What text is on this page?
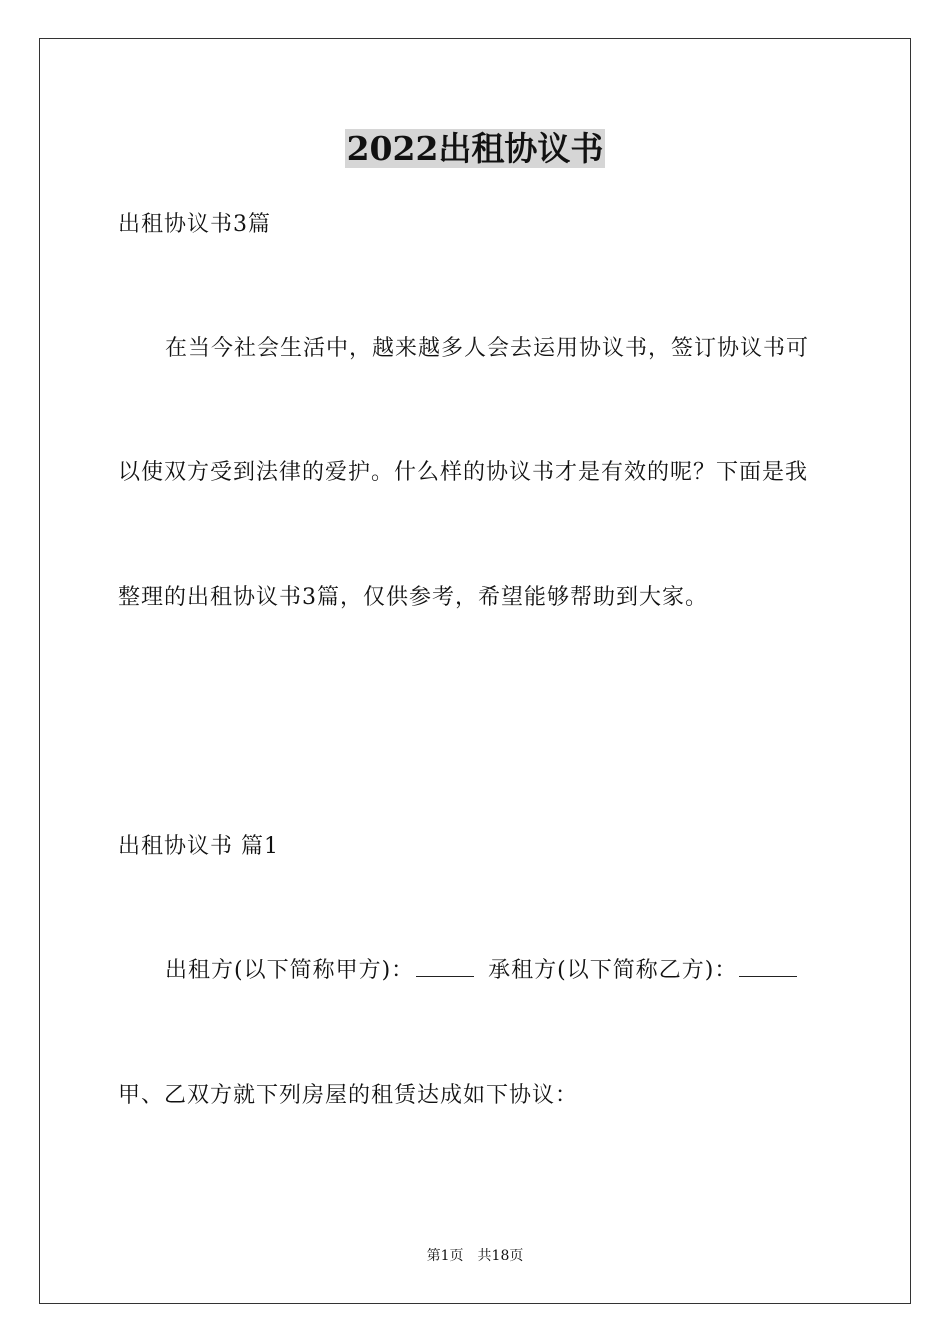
2022出租协议书

出租协议书3篇

在当今社会生活中，越来越多人会去运用协议书，签订协议书可

以使双方受到法律的爱护。什么样的协议书才是有效的呢？下面是我

整理的出租协议书3篇，仅供参考，希望能够帮助到大家。

出租协议书 篇1

出租方(以下简称甲方)：	承租方(以下简称乙方)：

甲、乙双方就下列房屋的租赁达成如下协议：

第1页 共18页
